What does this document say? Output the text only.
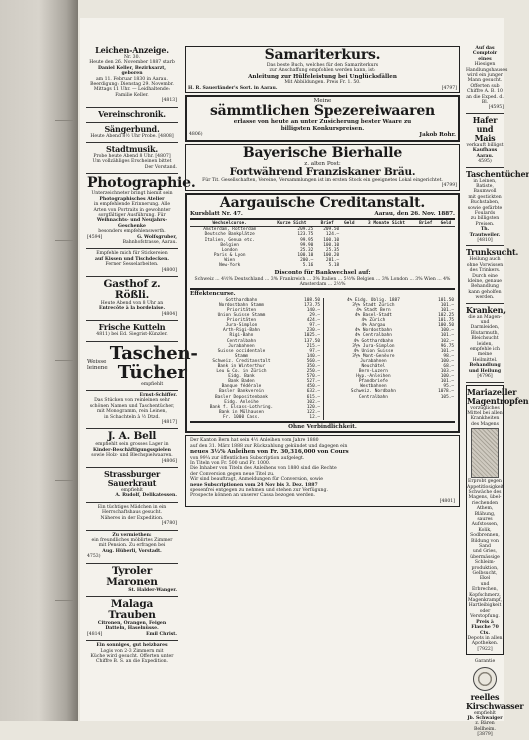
Leichen-Anzeige.
Nr. 30.
Heute den 26. November 1887 starb
Daniel Keller, Bezirksarzt, geboren
am 11. Februar 1830 in Aarau.
Beerdigung: Dienstag 29. Novembr.
Mittags 11 Uhr. — Leidhaltende:
Familie Keller.
[4813]
Vereinschronik.
Sängerbund.
Heute Abend 8½ Uhr Probe. [4808]
Stadtmusik.
Probe heute Abend 8 Uhr. [4807]
Um vollzähliges Erscheinen bittet
Der Vorstand.
Photographie.
Unterzeichneter bringt hiemit sein
Photographisches Atelier
in empfehlende Erinnerung. Alle
Arten von Portraits in gewohnter
sorgfältiger Ausführung. Für
Weihnachts- und Neujahrs-Geschenke
besonders empfehlenswerth.
[4594]	G. Wolfsgruber,
Bahnhofstrasse, Aarau.
Empfehle mich für Stickereien
auf Kissen und Tischdecken.
Ferner Sesselarbeiten.
[4800]
Gasthof z. Rößli.
Heute Abend von 8 Uhr an
Entrecôte à la bordelaise.
[4804]
Frische Kutteln
4811) bei Ed. Siegrist-Künzler.
Weisse
leinene
Taschen-Tücher
empfiehlt
Ernst-Schiffer.
Das Stücken von reinleinen sehr
schönen Namen und Taschentücher,
mit Monogramm, rein Leinen,
in Schachteln à ½ Dtzd.
[4817]
J. A. Bell
empfiehlt sein grosses Lager in
Kinder-Beschäftigungsspielen
sowie Holz- und Blechspielwaaren.
[4806]
Strassburger Sauerkraut
empfiehlt
A. Rudolf, Delikatessen.
Ein tüchtiges Mädchen in ein
Herrschaftshaus gesucht.
Näheres in der Expedition.
[4780]
Zu vermiethen:
ein freundliches möblirtes Zimmer
mit Pension. Zu erfragen bei
Aug. Hüberli, Vorstadt.
4753)
Tyroler Maronen
St. Halder-Wanger.
Malaga Trauben
Citronen, Orangen, Feigen
Datteln, Haselnüsse.
[4814]	Emil Christ.
Ein sonniges, gut heizbares
Logis von 2-3 Zimmern mit
Küche wird gesucht. Offerten unter
Chiffre B. S. an die Expedition.
Samariterkurs.
Das beste Buch, welches für den Samariterkurs
zur Anschaffung empfohlen werden kann, ist:
Anleitung zur Hülfeleistung bei Unglücksfällen
Mit Abbildungen. Preis Fr. 1. 50.
H. R. Sauerländer's Sort. in Aarau.	[4797]
Meine
sämmtlichen Spezereiwaaren
erlasse von heute an unter Zusicherung bester Waare zu
billigsten Konkurspreisen.
4806)	Jakob Rohr.
Bayerische Bierhalle
z. alten Post:
Fortwährend Franziskaner Bräu.
Für Tit. Gesellschaften, Vereine, Versammlungen ist im ersten Stock ein geeignetes Lokal eingerichtet.
[4799]
Aargauische Creditanstalt.
Kursblatt Nr. 47.	Aarau, den 26. Nov. 1887.
Wechselcurse.	Kurze Sicht	Brief	Geld	3 Monate Sicht	Brief	Geld
Amsterdam, Rotterdam	209.25	209.50				
Deutsche Bankplätze	123.75	124.—				
Italien, Genua etc.	99.95	100.10				
Belgien	99.90	100.10				
London	25.32	25.35				
Paris & Lyon	100.10	100.20				
Wien	200.—	201.—				
New-York	5.16	5.18				
Disconto für Bankwechsel auf:
Schweiz ... 4½% Deutschland ... 3% Frankreich ... 3% Italien ... 5½% Belgien ... 3% London ... 3% Wien ... 4% Amsterdam ... 2½%
Effektencurse.
Gotthardbahn	108.50
Nordostbahn Stamm	173.75
Prioritäten	140.—
Union Suisse Stamm	29.—
Prioritäten	424.—
Jura-Simplon	97.—
Arth-Rigi-Bahn	230.—
Rigi-Bahn	1025.—
Centralbahn	137.50
Jurabahnen	215.—
Suisse occidentale	97.—
Stamm	140.—
Schweiz. Creditanstalt	560.—
Bank in Winterthur	350.—
Leu & Co. in Zürich	250.—
Eidg. Bank	570.—
Bank Baden	527.—
Banque fédérale	450.—
Basler Bankverein	632.—
Basler Depositenbank	615.—
Eidg. Anleihe	102.—
Bank f. Elsass-Lothring.	120.—
Bank in Mülhausen	122.—
Fr. 1000 Cass.	12.—
4% Eidg. Oblig. 1887	101.50
3½% Stadt Zürich	101.—
4% Stadt Bern	101.—
4% Basel-Stadt	102.25
4% Zürich	101.75
4% Aargau	100.50
4% Nordostbahn	100.—
4% Centralbahn	101.—
4% Gotthardbahn	102.—
3½% Jura-Simplon	96.75
4% Union Suisse	101.—
3½% Mont-Genèvre	98.—
Jurabahnen	100.—
Neuchâtel	68.—
Bern-Luzern	103.—
Hyp.-Anleihen	100.—
Pfandbriefe	101.—
Westbahnen	95.—
Schweiz. Nordbahn	1078.—
Centralbahn	105.—
Ohne Verbindlichkeit.
Der Kanton Bern hat sein 4½ Anleihen vom Jahre 1880
auf den 31. März 1888 zur Rückzahlung gekündet und dagegen ein
neues 3½% Anleihen von Fr. 30,316,000 von Cours
von 99¼ zur öffentlichen Subscription aufgelegt.
In Titeln von Fr. 500 und Fr. 1000.
Die Inhaber von Titeln des Anleihens von 1880 sind die Rechte
der Conversion gegen neue Titel zu.
Wir sind beauftragt, Anmeldungen für Conversion, sowie
neue Subscriptionen vom 24 Nov bis 3. Dez. 1887
spesenfrei entgegen zu nehmen und stehen zur Verfügung.
Prospecte können an unserer Cassa bezogen werden.
[4801]
Auf das Comptoir eines
Hiesigen Handlungshauses
wird ein junger Mann gesucht.
Offerten sub Chiffre A. B. 10
an die Exped. d. Bl.
[4595]
Hafer und Mais
verkauft billigst
Kaufhaus Aarau.
4595)
Taschentücher
in Leinen, Batiste, Baumwoll
mit gestickten Buchstaben,
sowie gefärbte Foulards
zu billigsten Preisen.
Th. Trautweiler.
[4810]
Trunksucht.
Heilung auch ohne Vorwissen
des Trinkers. Durch eine
kleine, genaue Behandlung
kann geholfen werden.
Kranken,
die an Magen- und Darmleiden,
Blutarmuth, Bleichsucht
leiden, empfehle ich
meine Heilmittel.
Behandlung und Heilung
[4796]
Mariazeller Magentropfen
vorzügliches Mittel bei allen Krankheiten des Magens
Erprobt gegen Appetitlosigkeit
Schwäche des Magens, übel-
riechenden Athem, Blähung,
saures Aufstossen, Kolik,
Sodbrennen, Bildung von Sand
und Gries, übermässige Schleim-
produktion, Gelbsucht, Ekel
und Erbrechen, Kopfschmerz,
Magenkrampf, Hartleibigkeit
oder Verstopfung.
Preis à Flasche 70 Cts.
Depots in allen Apotheken.
[7922]
Garantie
reelles
Kirschwasser
empfiehlt
Jb. Schwaiger
z. Bären Bellheim.
[3879]
